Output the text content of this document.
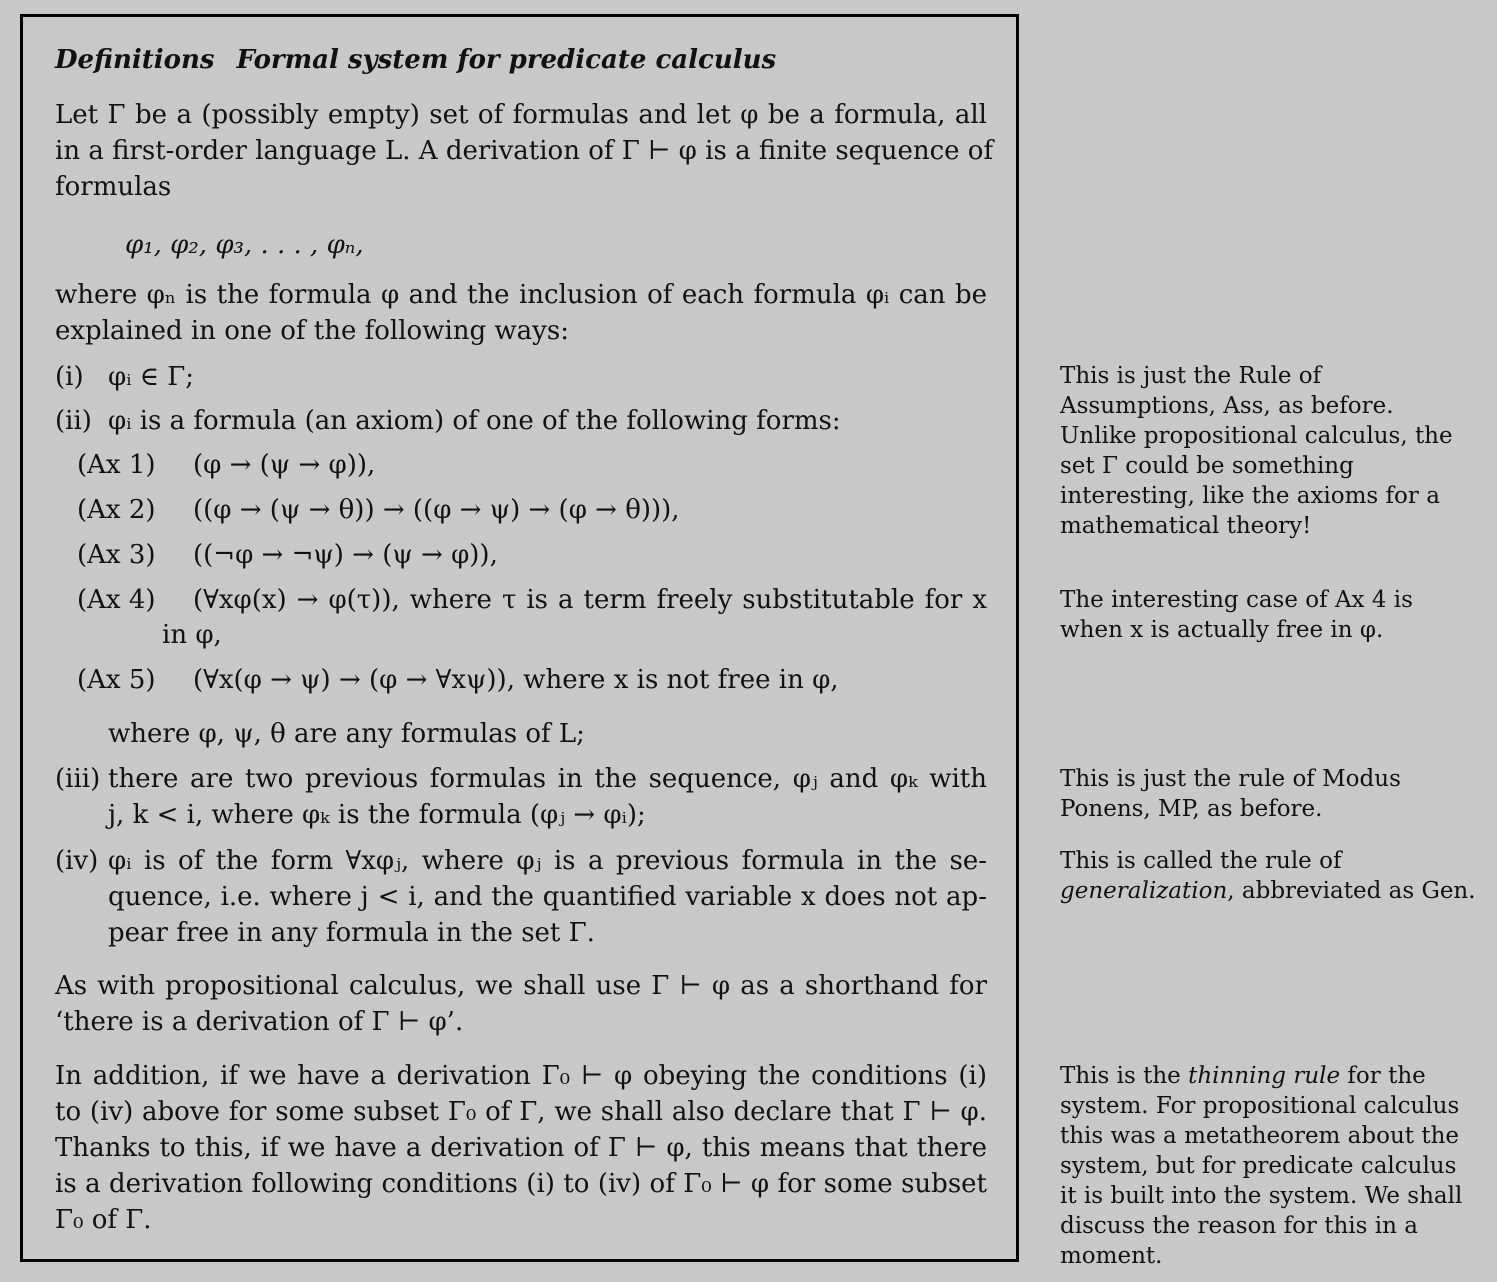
Definitions Formal system for predicate calculus
Let Γ be a (possibly empty) set of formulas and let φ be a formula, all
in a first-order language L. A derivation of Γ ⊢ φ is a finite sequence of
formulas
φ₁, φ₂, φ₃, . . . , φₙ,
where φₙ is the formula φ and the inclusion of each formula φᵢ can be
explained in one of the following ways:
(i) φᵢ ∈ Γ;
(ii) φᵢ is a formula (an axiom) of one of the following forms:
(Ax 1) (φ → (ψ → φ)),
(Ax 2) ((φ → (ψ → θ)) → ((φ → ψ) → (φ → θ))),
(Ax 3) ((¬φ → ¬ψ) → (ψ → φ)),
(Ax 4) (∀xφ(x) → φ(τ)), where τ is a term freely substitutable for x
in φ,
(Ax 5) (∀x(φ → ψ) → (φ → ∀xψ)), where x is not free in φ,
where φ, ψ, θ are any formulas of L;
(iii) there are two previous formulas in the sequence, φⱼ and φₖ with
j, k < i, where φₖ is the formula (φⱼ → φᵢ);
(iv) φᵢ is of the form ∀xφⱼ, where φⱼ is a previous formula in the se-
quence, i.e. where j < i, and the quantified variable x does not ap-
pear free in any formula in the set Γ.
As with propositional calculus, we shall use Γ ⊢ φ as a shorthand for
‘there is a derivation of Γ ⊢ φ’.
In addition, if we have a derivation Γ₀ ⊢ φ obeying the conditions (i)
to (iv) above for some subset Γ₀ of Γ, we shall also declare that Γ ⊢ φ.
Thanks to this, if we have a derivation of Γ ⊢ φ, this means that there
is a derivation following conditions (i) to (iv) of Γ₀ ⊢ φ for some subset
Γ₀ of Γ.
This is just the Rule of
Assumptions, Ass, as before.
Unlike propositional calculus, the
set Γ could be something
interesting, like the axioms for a
mathematical theory!
The interesting case of Ax 4 is
when x is actually free in φ.
This is just the rule of Modus
Ponens, MP, as before.
This is called the rule of
generalization, abbreviated as Gen.
This is the thinning rule for the
system. For propositional calculus
this was a metatheorem about the
system, but for predicate calculus
it is built into the system. We shall
discuss the reason for this in a
moment.
